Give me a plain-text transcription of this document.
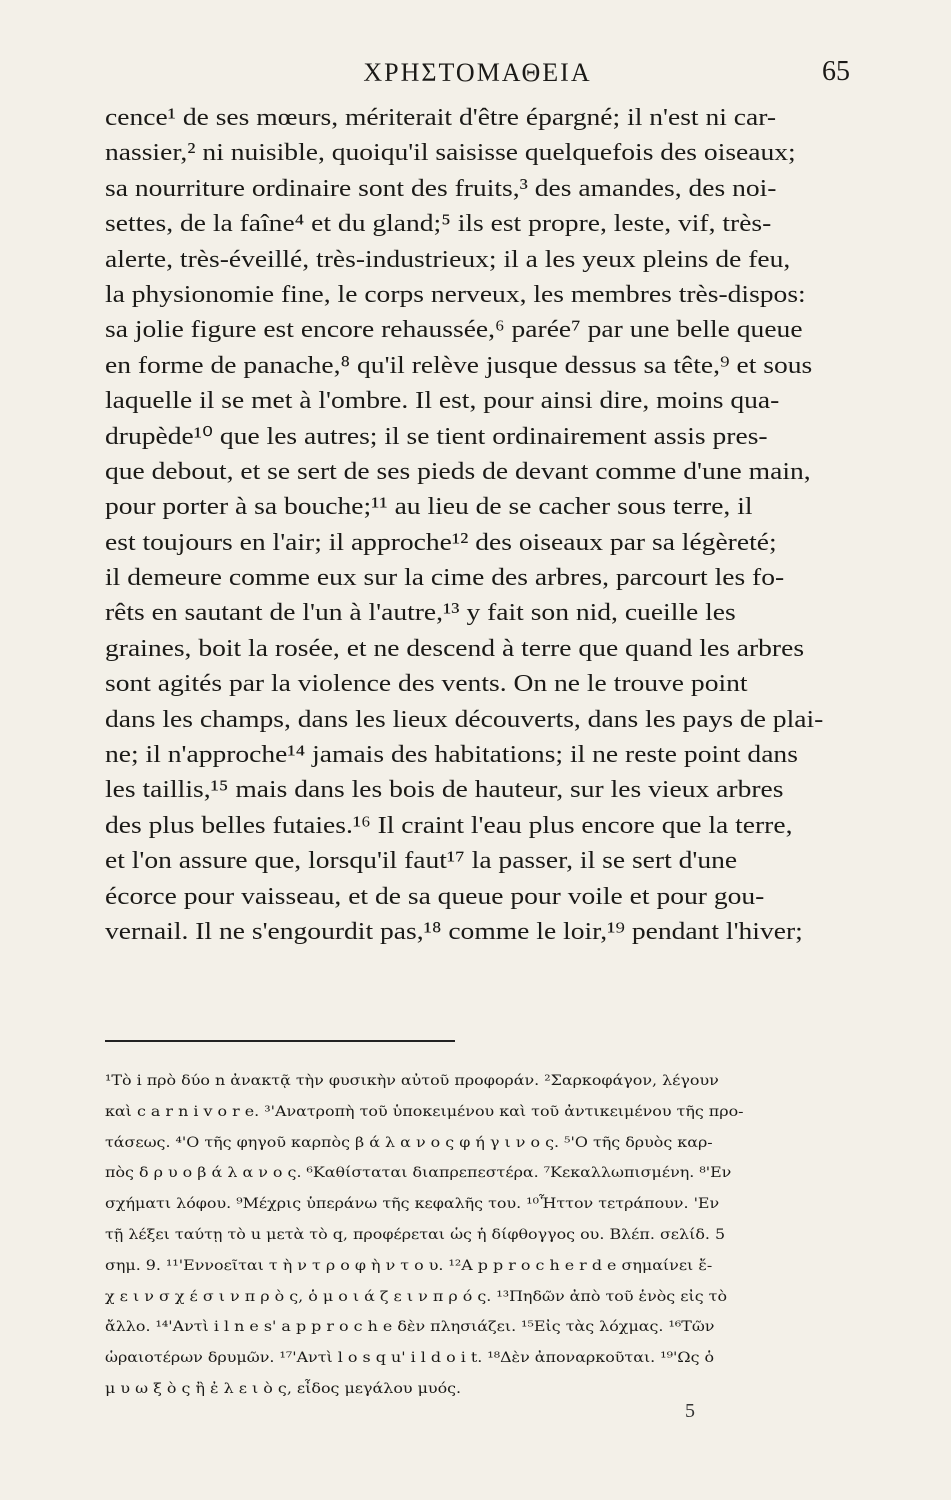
ΧΡΗΣΤΟΜΑΘΕΙΑ	65
cence¹ de ses mœurs, mériterait d'être épargné; il n'est ni car-
nassier,² ni nuisible, quoiqu'il saisisse quelquefois des oiseaux;
sa nourriture ordinaire sont des fruits,³ des amandes, des noi-
settes, de la faîne⁴ et du gland;⁵ ils est propre, leste, vif, très-
alerte, très-éveillé, très-industrieux; il a les yeux pleins de feu,
la physionomie fine, le corps nerveux, les membres très-dispos:
sa jolie figure est encore rehaussée,⁶ parée⁷ par une belle queue
en forme de panache,⁸ qu'il relève jusque dessus sa tête,⁹ et sous
laquelle il se met à l'ombre. Il est, pour ainsi dire, moins qua-
drupède¹⁰ que les autres; il se tient ordinairement assis pres-
que debout, et se sert de ses pieds de devant comme d'une main,
pour porter à sa bouche;¹¹ au lieu de se cacher sous terre, il
est toujours en l'air; il approche¹² des oiseaux par sa légèreté;
il demeure comme eux sur la cime des arbres, parcourt les fo-
rêts en sautant de l'un à l'autre,¹³ y fait son nid, cueille les
graines, boit la rosée, et ne descend à terre que quand les arbres
sont agités par la violence des vents. On ne le trouve point
dans les champs, dans les lieux découverts, dans les pays de plai-
ne; il n'approche¹⁴ jamais des habitations; il ne reste point dans
les taillis,¹⁵ mais dans les bois de hauteur, sur les vieux arbres
des plus belles futaies.¹⁶ Il craint l'eau plus encore que la terre,
et l'on assure que, lorsqu'il faut¹⁷ la passer, il se sert d'une
écorce pour vaisseau, et de sa queue pour voile et pour gou-
vernail. Il ne s'engourdit pas,¹⁸ comme le loir,¹⁹ pendant l'hiver;
¹Τὸ i πρὸ δύο n ἀνακτᾷ τὴν φυσικὴν αὐτοῦ προφοράν. ²Σαρκοφάγον, λέγουν καὶ c a r n i v o r e. ³'Ανατροπὴ τοῦ ὑποκειμένου καὶ τοῦ ἀντικειμένου τῆς προ- τάσεως. ⁴'Ο τῆς φηγοῦ καρπὸς β ά λ α ν ο ς φ ή γ ι ν ο ς. ⁵'Ο τῆς δρυὸς καρ- πὸς δ ρ υ ο β ά λ α ν ο ς. ⁶Καθίσταται διαπρεπεστέρα. ⁷Κεκαλλωπισμένη. ⁸'Εν σχήματι λόφου. ⁹Μέχρις ὑπεράνω τῆς κεφαλῆς του. ¹⁰Ἧττον τετράπουν. 'Εν τῇ λέξει ταύτῃ τὸ u μετὰ τὸ q, προφέρεται ὡς ἡ δίφθογγος ου. Βλέπ. σελίδ. 5 σημ. 9. ¹¹'Εννοεῖται τ ὴ ν τ ρ ο φ ὴ ν τ ο υ. ¹²A p p r o c h e r d e σημαίνει ἔ- χ ε ι ν σ χ έ σ ι ν π ρ ὸ ς, ὁ μ ο ι ά ζ ε ι ν π ρ ό ς. ¹³Πηδῶν ἀπὸ τοῦ ἑνὸς εἰς τὸ ἄλλο. ¹⁴'Αντὶ i l n e s' a p p r o c h e δὲν πλησιάζει. ¹⁵Εἰς τὰς λόχμας. ¹⁶Τῶν ὡραιοτέρων δρυμῶν. ¹⁷'Αντὶ l o s q u' i l d o i t. ¹⁸Δὲν ἀποναρκοῦται. ¹⁹'Ως ὁ μ υ ω ξ ὸ ς ἢ ἐ λ ε ι ὸ ς, εἶδος μεγάλου μυός.
5
